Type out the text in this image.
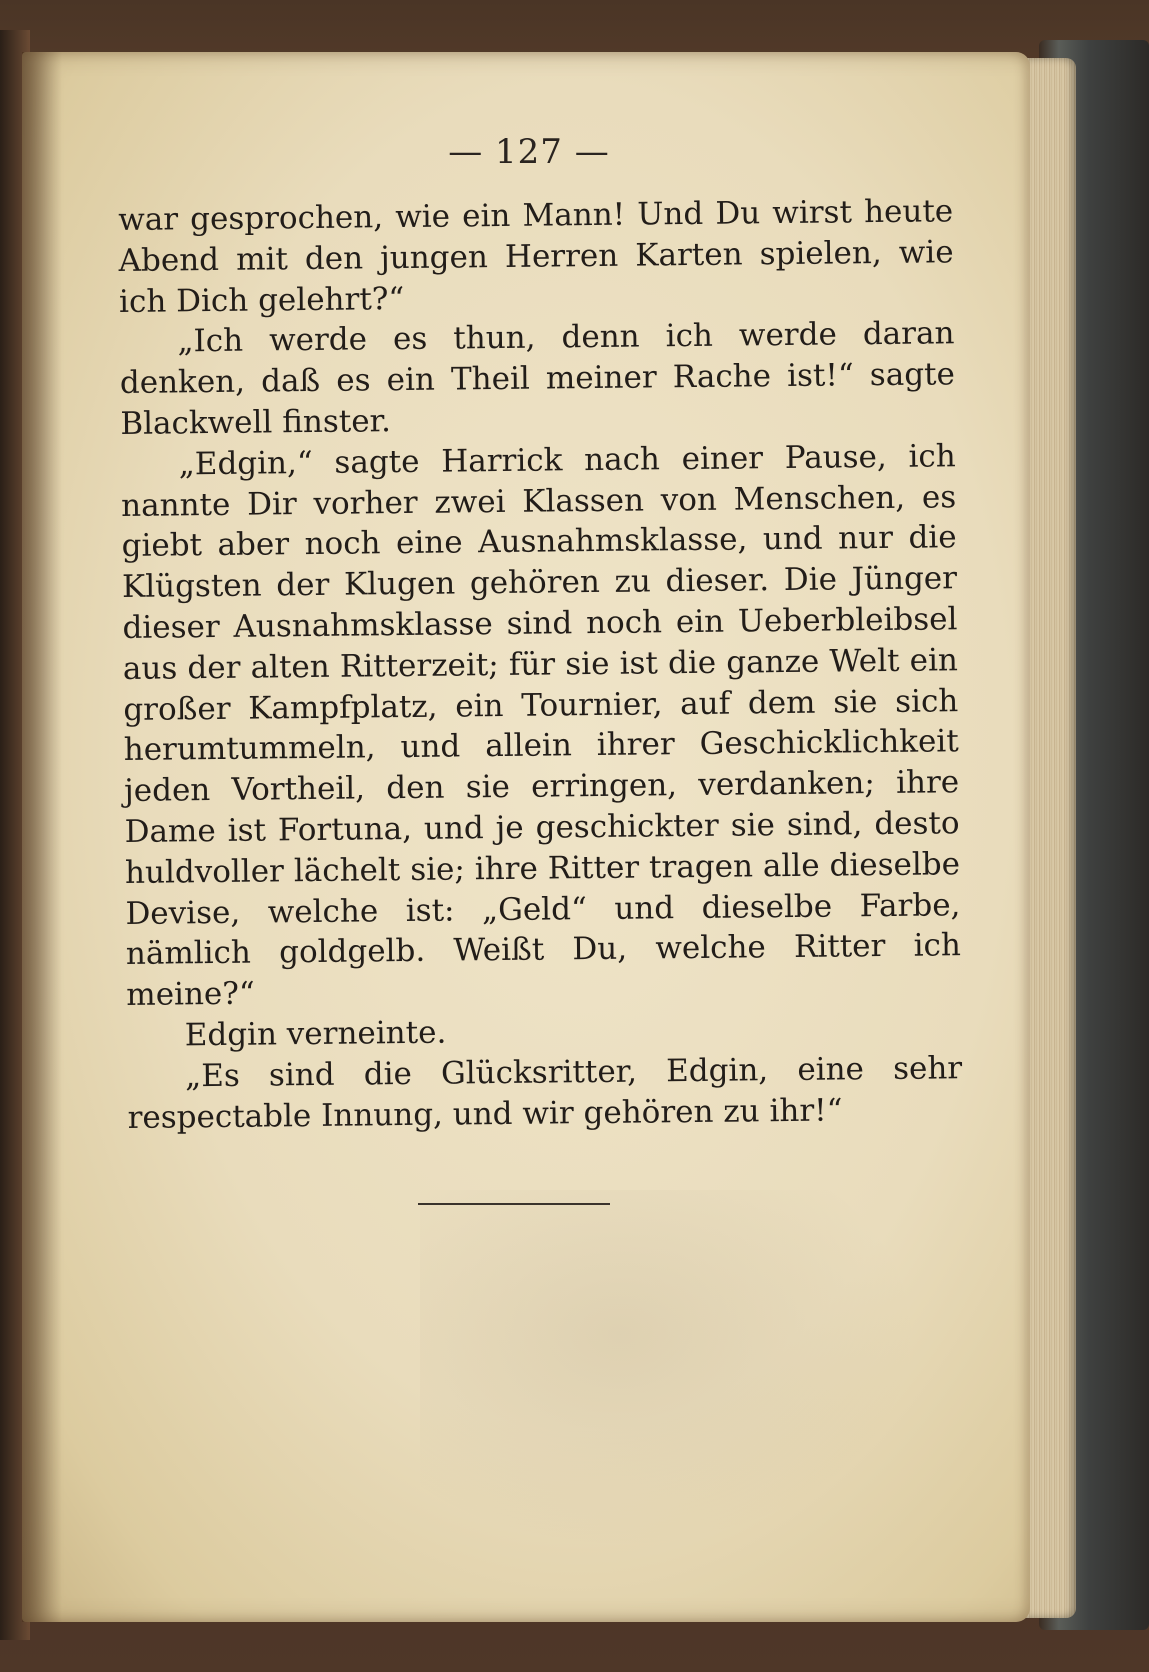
— 127 —

war gesprochen, wie ein Mann! Und Du wirst heute Abend mit den jungen Herren Karten spielen, wie ich Dich gelehrt?“

„Ich werde es thun, denn ich werde daran denken, daß es ein Theil meiner Rache ist!“ sagte Blackwell finster.

„Edgin,“ sagte Harrick nach einer Pause, ich nannte Dir vorher zwei Klassen von Menschen, es giebt aber noch eine Ausnahmsklasse, und nur die Klügsten der Klugen gehören zu dieser. Die Jünger dieser Ausnahmsklasse sind noch ein Ueberbleibsel aus der alten Ritterzeit; für sie ist die ganze Welt ein großer Kampfplatz, ein Tournier, auf dem sie sich herumtummeln, und allein ihrer Geschicklichkeit jeden Vortheil, den sie erringen, verdanken; ihre Dame ist Fortuna, und je geschickter sie sind, desto huldvoller lächelt sie; ihre Ritter tragen alle dieselbe Devise, welche ist: „Geld“ und dieselbe Farbe, nämlich goldgelb. Weißt Du, welche Ritter ich meine?“

Edgin verneinte.

„Es sind die Glücksritter, Edgin, eine sehr respectable Innung, und wir gehören zu ihr!“
